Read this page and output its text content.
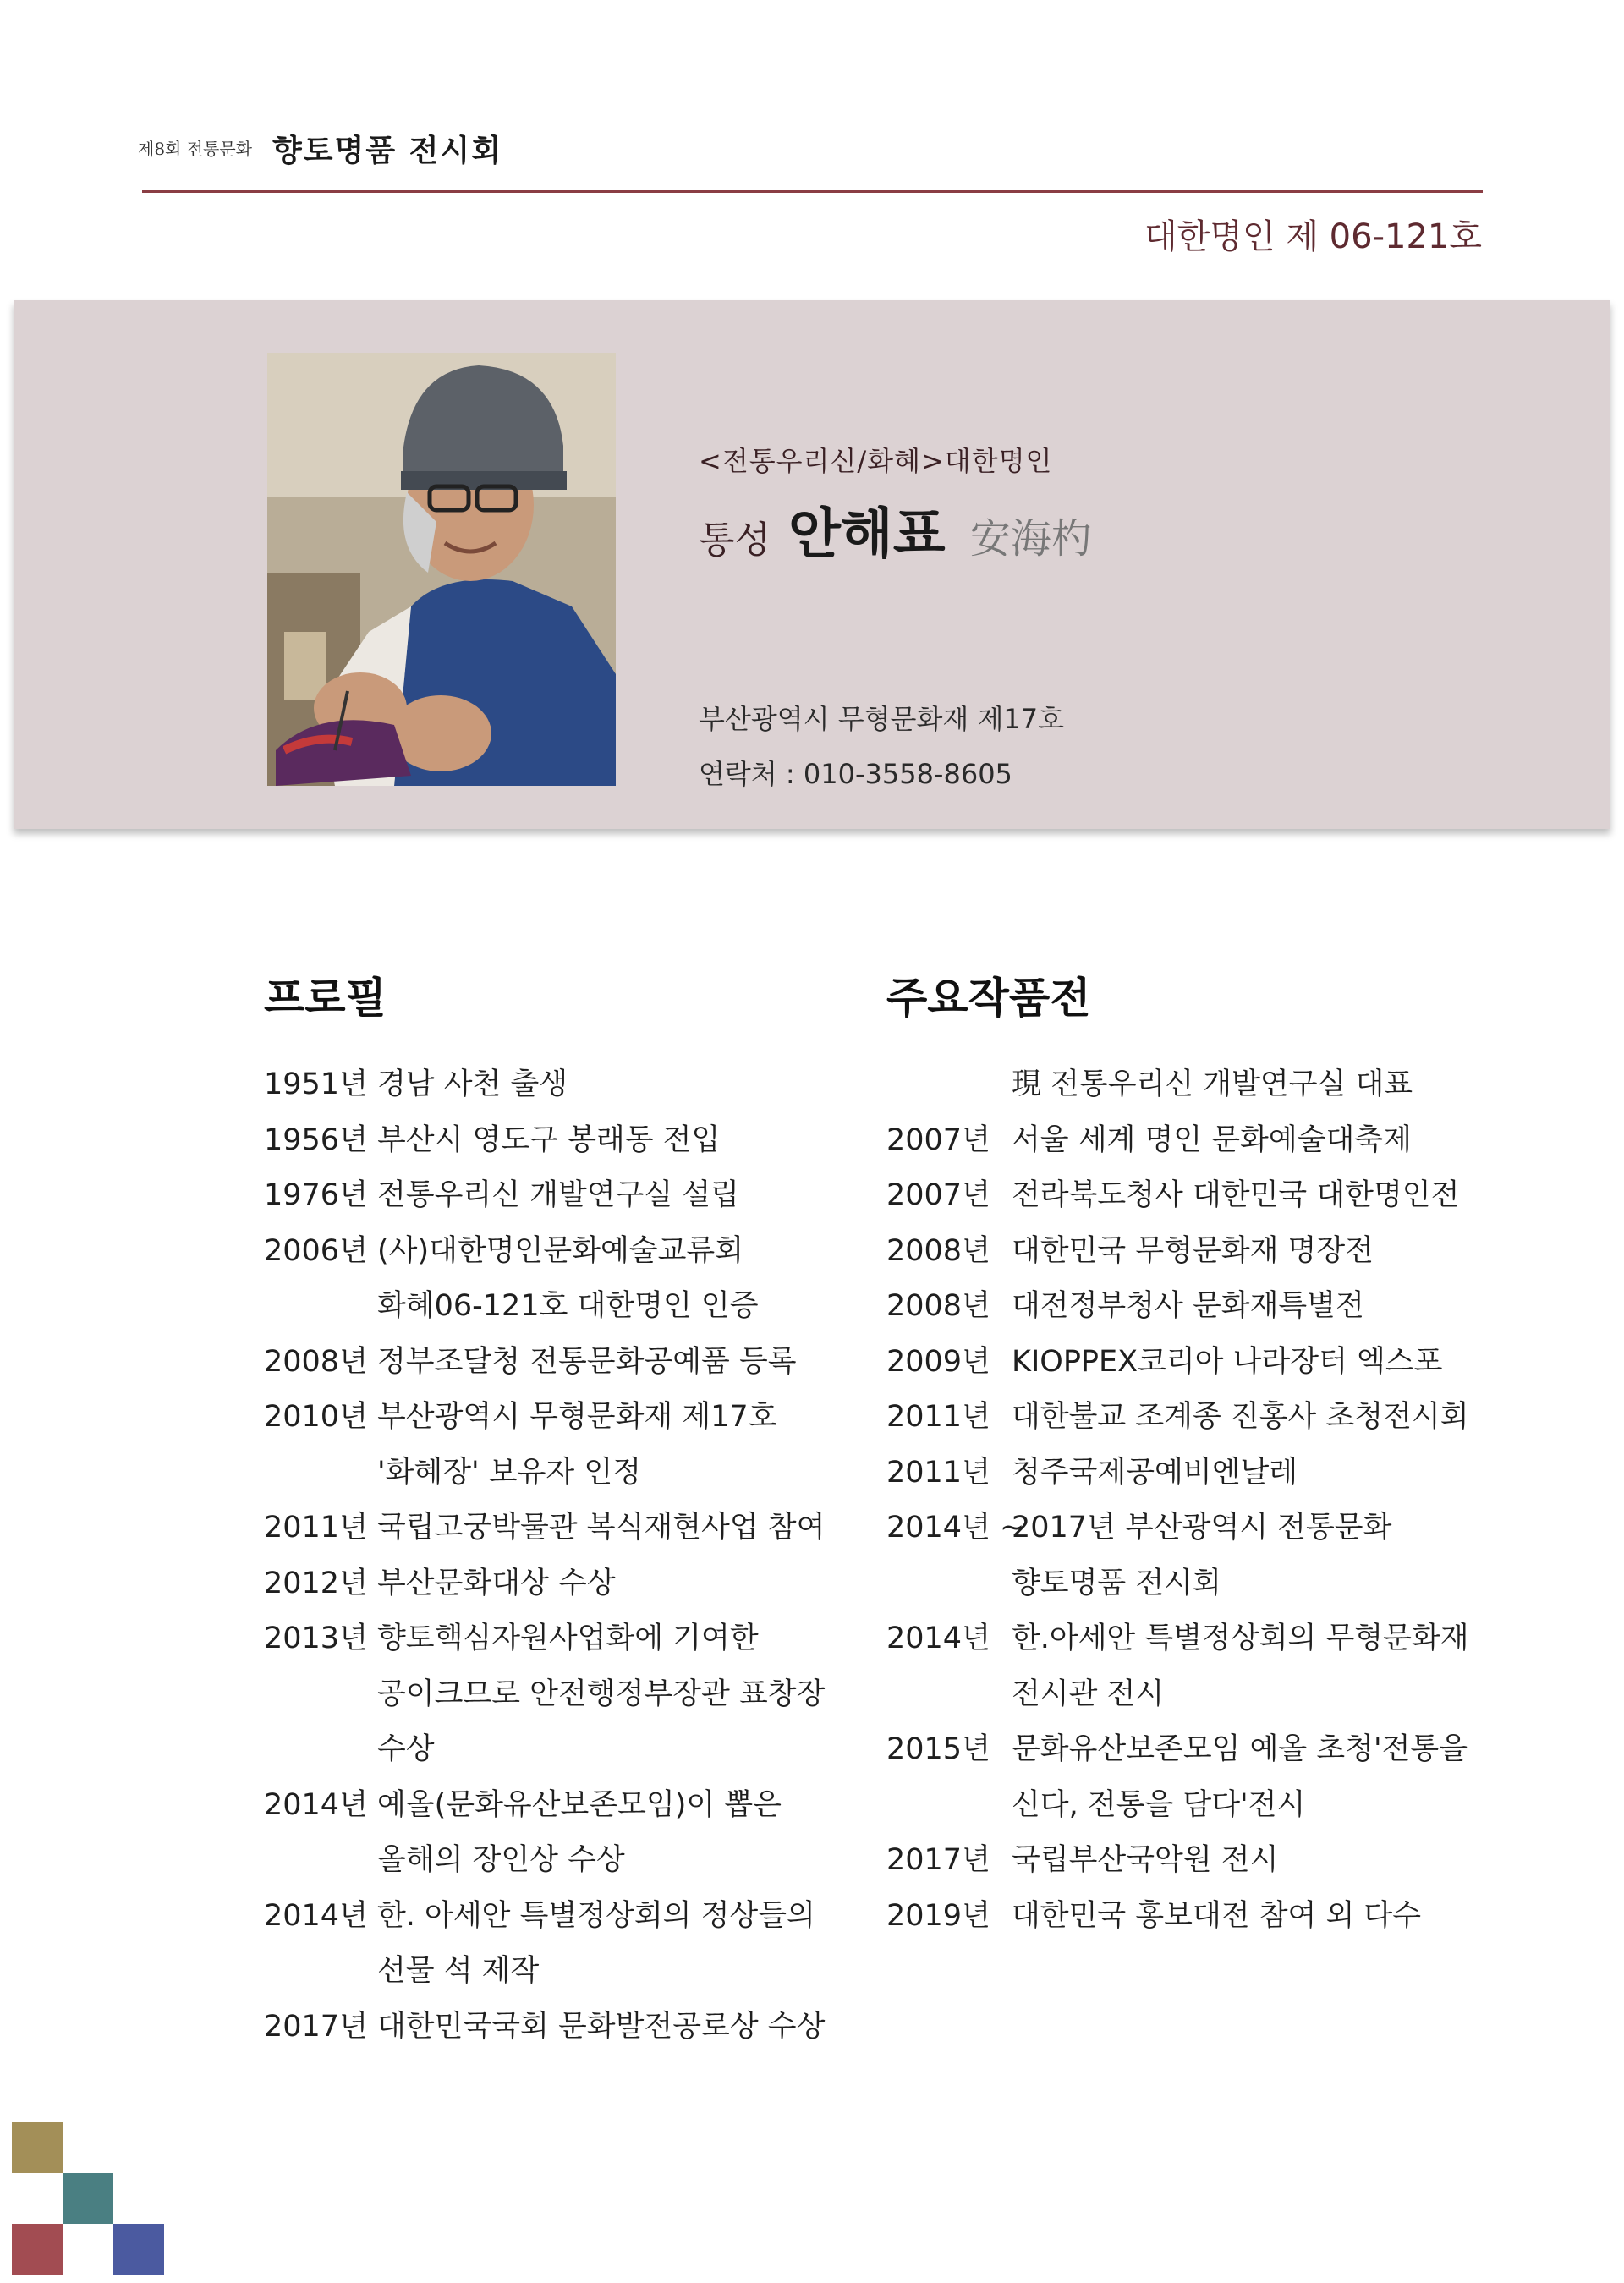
제8회 전통문화 향토명품 전시회
대한명인 제 06-121호
<전통우리신/화혜>대한명인
통성 안해표 安海杓
부산광역시 무형문화재 제17호
연락처 : 010-3558-8605
프로필	주요작품전
1951년 경남 사천 출생
1956년 부산시 영도구 봉래동 전입
1976년 전통우리신 개발연구실 설립
2006년 (사)대한명인문화예술교류회
화혜06-121호 대한명인 인증
2008년 정부조달청 전통문화공예품 등록
2010년 부산광역시 무형문화재 제17호
'화혜장' 보유자 인정
2011년 국립고궁박물관 복식재현사업 참여
2012년 부산문화대상 수상
2013년 향토핵심자원사업화에 기여한
공이크므로 안전행정부장관 표창장
수상
2014년 예올(문화유산보존모임)이 뽑은
올해의 장인상 수상
2014년 한. 아세안 특별정상회의 정상들의
선물 석 제작
2017년 대한민국국회 문화발전공로상 수상
現 전통우리신 개발연구실 대표
2007년 서울 세계 명인 문화예술대축제
2007년 전라북도청사 대한민국 대한명인전
2008년 대한민국 무형문화재 명장전
2008년 대전정부청사 문화재특별전
2009년 KIOPPEX코리아 나라장터 엑스포
2011년 대한불교 조계종 진홍사 초청전시회
2011년 청주국제공예비엔날레
2014년 ~
2017년 부산광역시 전통문화
향토명품 전시회
2014년 한.아세안 특별정상회의 무형문화재
전시관 전시
2015년 문화유산보존모임 예올 초청'전통을
신다, 전통을 담다'전시
2017년 국립부산국악원 전시
2019년 대한민국 홍보대전 참여 외 다수
